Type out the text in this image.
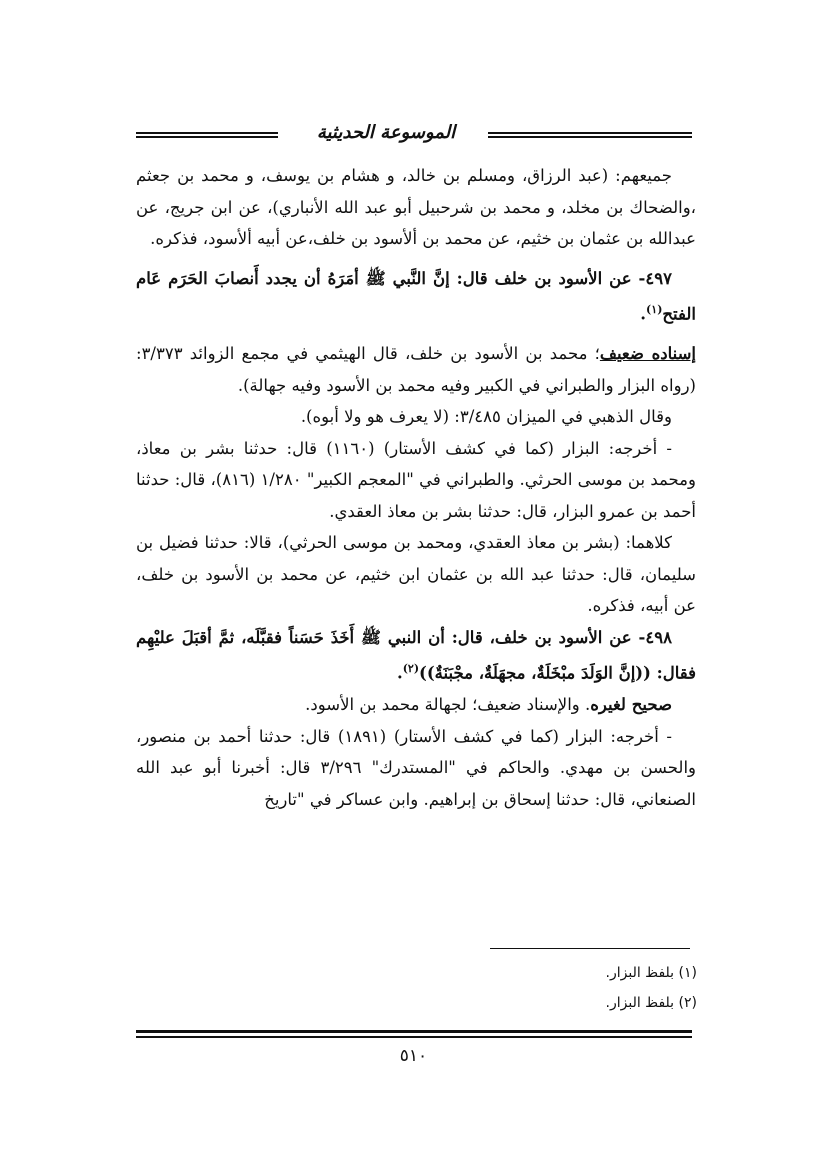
الموسوعة الحديثية

جميعهم: (عبد الرزاق، ومسلم بن خالد، و هشام بن يوسف، و محمد بن جعثم ،والضحاك بن مخلد، و محمد بن شرحبيل أبو عبد الله الأنباري)، عن ابن جريج، عن عبدالله بن عثمان بن خثيم، عن محمد بن ألأسود بن خلف،عن أبيه ألأسود، فذكره.

٤٩٧- عن الأسود بن خلف قال: إنَّ النَّبي ﷺ أمَرَهُ أن يجدد أَنصابَ الحَرَم عَام الفتح$^{(١)}$.

إسناده ضعيف؛ محمد بن الأسود بن خلف، قال الهيثمي في مجمع الزوائد ٣/٣٧٣: (رواه البزار والطبراني في الكبير وفيه محمد بن الأسود وفيه جهالة).

وقال الذهبي في الميزان ٣/٤٨٥: (لا يعرف هو ولا أبوه).

- أخرجه: البزار (كما في كشف الأستار) (١١٦٠) قال: حدثنا بشر بن معاذ، ومحمد بن موسى الحرثي. والطبراني في "المعجم الكبير" ١/٢٨٠ (٨١٦)، قال: حدثنا أحمد بن عمرو البزار، قال: حدثنا بشر بن معاذ العقدي.

كلاهما: (بشر بن معاذ العقدي، ومحمد بن موسى الحرثي)، قالا: حدثنا فضيل بن سليمان، قال: حدثنا عبد الله بن عثمان ابن خثيم، عن محمد بن الأسود بن خلف، عن أبيه، فذكره.

٤٩٨- عن الأسود بن خلف، قال: أن النبي ﷺ أَخَذَ حَسَناً فقبَّلَه، ثمَّ أقبَلَ عليْهِم فقال: ((إنَّ الوَلَدَ مبْخَلَةٌ، مجهَلَةٌ، مجْبَنَةٌ))$^{(٢)}$.

صحيح لغيره. والإسناد ضعيف؛ لجهالة محمد بن الأسود.

- أخرجه: البزار (كما في كشف الأستار) (١٨٩١) قال: حدثنا أحمد بن منصور، والحسن بن مهدي. والحاكم في "المستدرك" ٣/٢٩٦ قال: أخبرنا أبو عبد الله الصنعاني، قال: حدثنا إسحاق بن إبراهيم. وابن عساكر في "تاريخ

(١) بلفظ البزار.
(٢) بلفظ البزار.
٥١٠
